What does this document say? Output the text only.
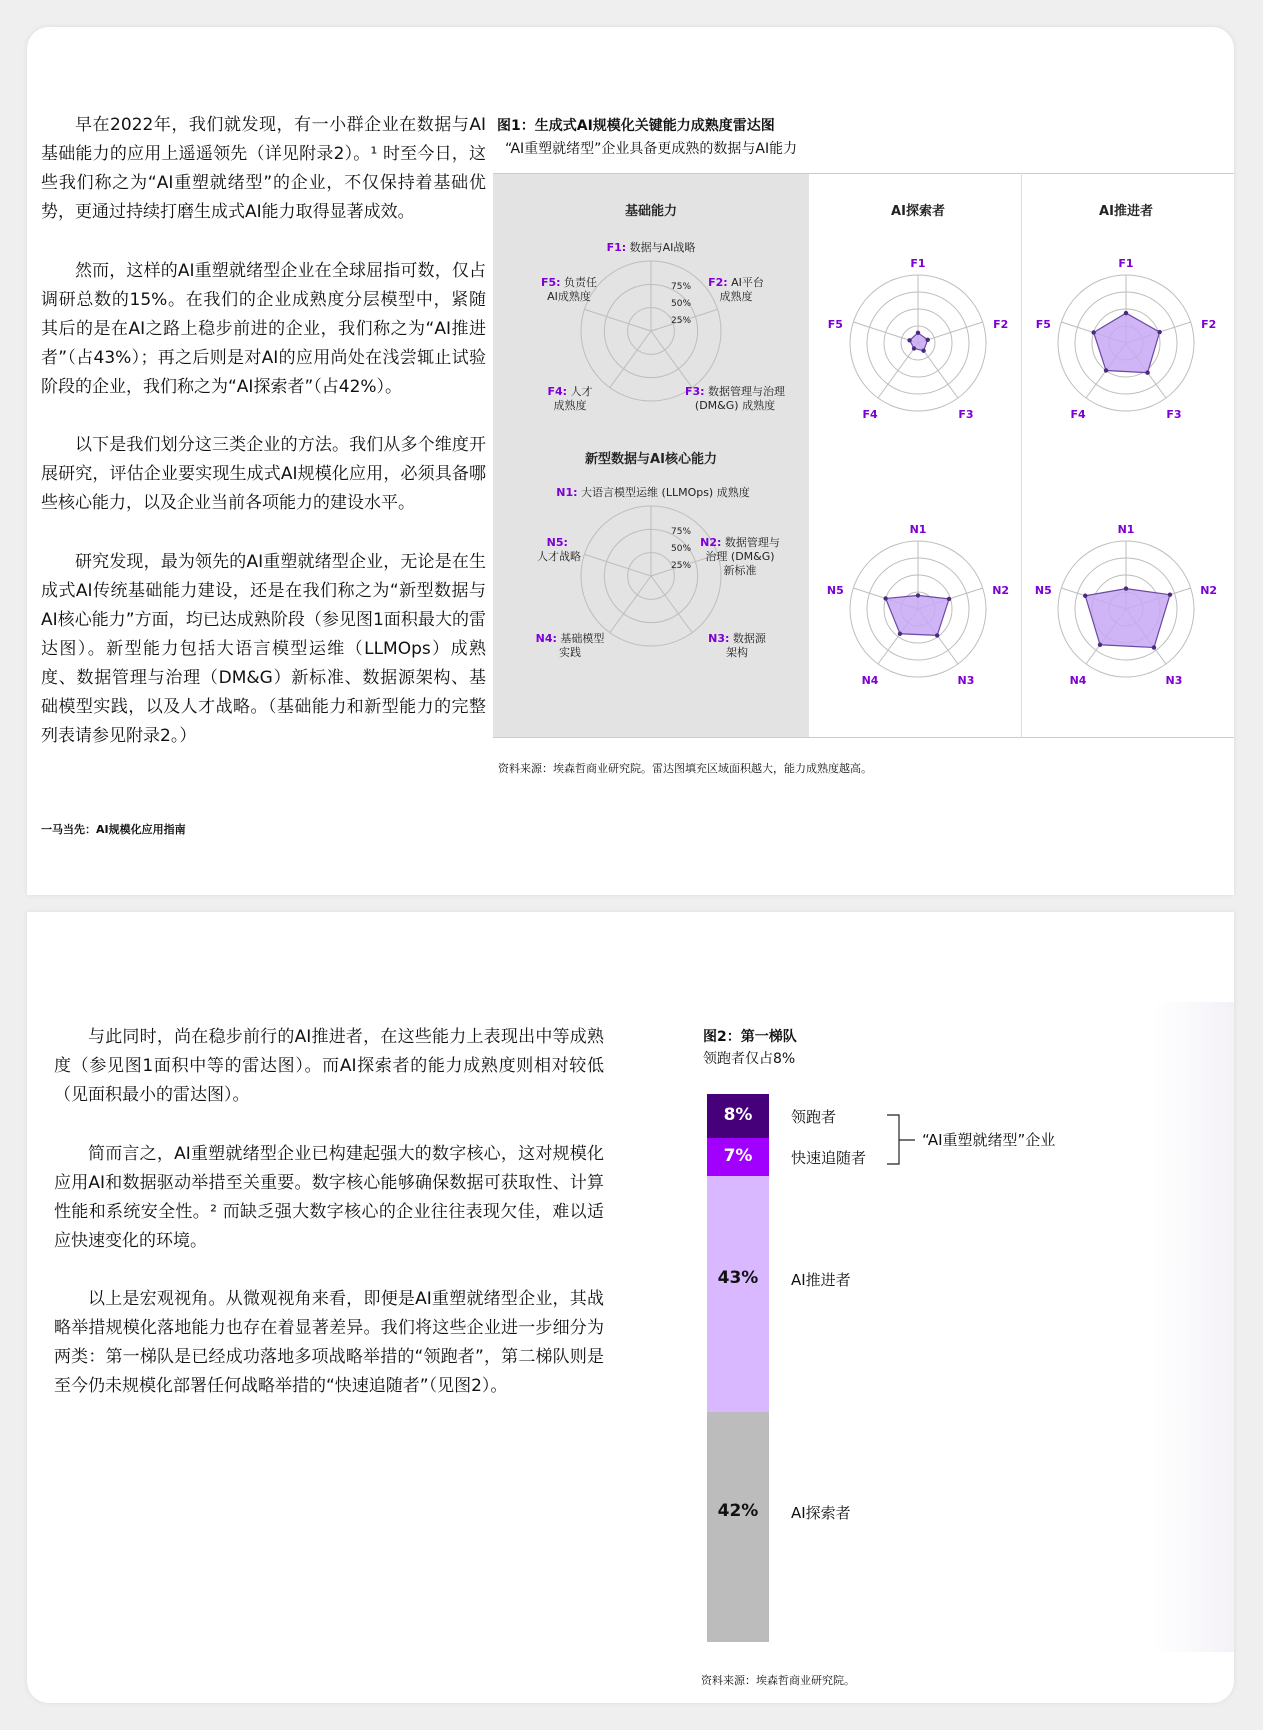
早在2022年，我们就发现，有一小群企业在数据与AI基础能力的应用上遥遥领先（详见附录2）。¹ 时至今日，这些我们称之为“AI重塑就绪型”的企业，不仅保持着基础优势，更通过持续打磨生成式AI能力取得显著成效。

然而，这样的AI重塑就绪型企业在全球屈指可数，仅占调研总数的15%。在我们的企业成熟度分层模型中，紧随其后的是在AI之路上稳步前进的企业，我们称之为“AI推进者”（占43%）；再之后则是对AI的应用尚处在浅尝辄止试验阶段的企业，我们称之为“AI探索者”（占42%）。

以下是我们划分这三类企业的方法。我们从多个维度开展研究，评估企业要实现生成式AI规模化应用，必须具备哪些核心能力，以及企业当前各项能力的建设水平。

研究发现，最为领先的AI重塑就绪型企业，无论是在生成式AI传统基础能力建设，还是在我们称之为“新型数据与AI核心能力”方面，均已达成熟阶段（参见图1面积最大的雷达图）。新型能力包括大语言模型运维（LLMOps）成熟度、数据管理与治理（DM&G）新标准、数据源架构、基础模型实践，以及人才战略。（基础能力和新型能力的完整列表请参见附录2。）

一马当先：AI规模化应用指南
图1：生成式AI规模化关键能力成熟度雷达图
“AI重塑就绪型”企业具备更成熟的数据与AI能力
基础能力
75%
50%
25%
F1: 数据与AI战略
F2: AI平台成熟度
F3: 数据管理与治理(DM&G) 成熟度
F4: 人才成熟度
F5: 负责任 AI成熟度
新型数据与AI核心能力
75%
50%
25%
N1: 大语言模型运维 (LLMOps) 成熟度
N2: 数据管理与治理 (DM&G)新标准
N3: 数据源架构
N4: 基础模型实践
N5: 人才战略
AI探索者	AI推进者
F1
F2
F3
F4
F5
F1
F2
F3
F4
F5
N1
N2
N3
N4
N5
N1
N2
N3
N4
N5
资料来源：埃森哲商业研究院。雷达图填充区域面积越大，能力成熟度越高。

与此同时，尚在稳步前行的AI推进者，在这些能力上表现出中等成熟度（参见图1面积中等的雷达图）。而AI探索者的能力成熟度则相对较低（见面积最小的雷达图）。

简而言之，AI重塑就绪型企业已构建起强大的数字核心，这对规模化应用AI和数据驱动举措至关重要。数字核心能够确保数据可获取性、计算性能和系统安全性。² 而缺乏强大数字核心的企业往往表现欠佳，难以适应快速变化的环境。

以上是宏观视角。从微观视角来看，即便是AI重塑就绪型企业，其战略举措规模化落地能力也存在着显著差异。我们将这些企业进一步细分为两类：第一梯队是已经成功落地多项战略举措的“领跑者”，第二梯队则是至今仍未规模化部署任何战略举措的“快速追随者”（见图2）。

图2：第一梯队
领跑者仅占8%
8%	领跑者
7%	快速追随者
43%	AI推进者
42%	AI探索者
“AI重塑就绪型”企业
资料来源：埃森哲商业研究院。
